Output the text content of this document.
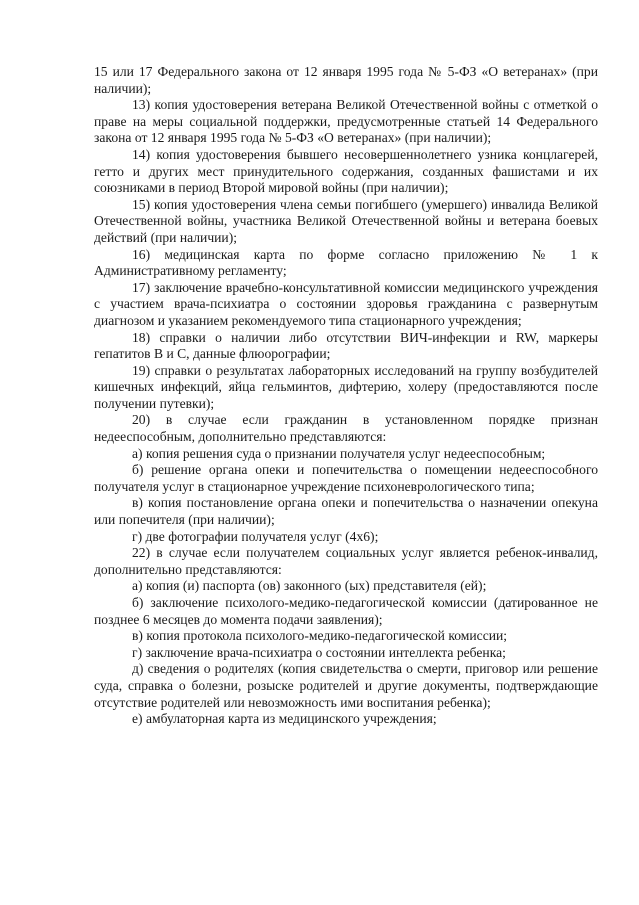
15 или 17 Федерального закона от 12 января 1995 года № 5-ФЗ «О ветеранах» (при наличии);

13) копия удостоверения ветерана Великой Отечественной войны с отметкой о праве на меры социальной поддержки, предусмотренные статьей 14 Федерального закона от 12 января 1995 года № 5-ФЗ «О ветеранах» (при наличии);

14) копия удостоверения бывшего несовершеннолетнего узника концлагерей, гетто и других мест принудительного содержания, созданных фашистами и их союзниками в период Второй мировой войны (при наличии);

15) копия удостоверения члена семьи погибшего (умершего) инвалида Великой Отечественной войны, участника Великой Отечественной войны и ветерана боевых действий (при наличии);

16) медицинская карта по форме согласно приложению № 1 к Административному регламенту;

17) заключение врачебно-консультативной комиссии медицинского учреждения с участием врача-психиатра о состоянии здоровья гражданина с развернутым диагнозом и указанием рекомендуемого типа стационарного учреждения;

18) справки о наличии либо отсутствии ВИЧ-инфекции и RW, маркеры гепатитов В и С, данные флюорографии;

19) справки о результатах лабораторных исследований на группу возбудителей кишечных инфекций, яйца гельминтов, дифтерию, холеру (предоставляются после получении путевки);

20) в случае если гражданин в установленном порядке признан недееспособным, дополнительно представляются:

а) копия решения суда о признании получателя услуг недееспособным;

б) решение органа опеки и попечительства о помещении недееспособного получателя услуг в стационарное учреждение психоневрологического типа;

в) копия постановление органа опеки и попечительства о назначении опекуна или попечителя (при наличии);

г) две фотографии получателя услуг (4х6);

22) в случае если получателем социальных услуг является ребенок-инвалид, дополнительно представляются:

а) копия (и) паспорта (ов) законного (ых) представителя (ей);

б) заключение психолого-медико-педагогической комиссии (датированное не позднее 6 месяцев до момента подачи заявления);

в) копия протокола психолого-медико-педагогической комиссии;

г) заключение врача-психиатра о состоянии интеллекта ребенка;

д) сведения о родителях (копия свидетельства о смерти, приговор или решение суда, справка о болезни, розыске родителей и другие документы, подтверждающие отсутствие родителей или невозможность ими воспитания ребенка);

е) амбулаторная карта из медицинского учреждения;
